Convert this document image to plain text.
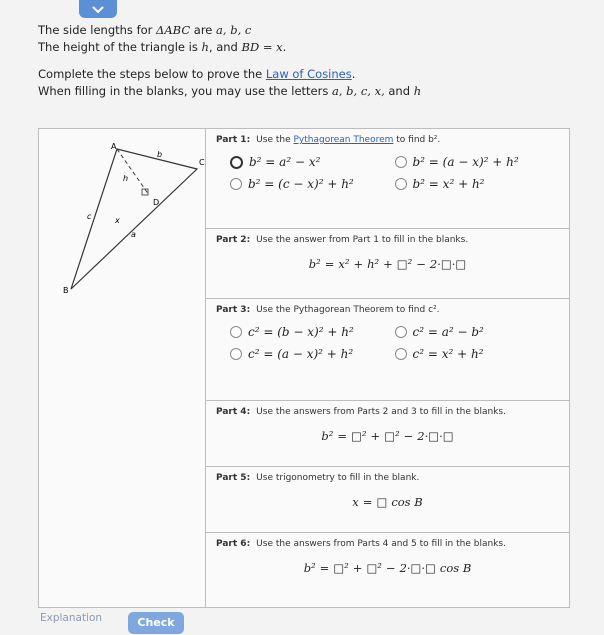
The side lengths for ΔABC are a, b, c

The height of the triangle is h, and BD = x.

Complete the steps below to prove the Law of Cosines.

When filling in the blanks, you may use the letters a, b, c, x, and h

A
B
C
D
b
c
a
h
x
Part 1: Use the Pythagorean Theorem to find b².
b² = a² − x²	b² = (a − x)² + h²
b² = (c − x)² + h²	b² = x² + h²
Part 2: Use the answer from Part 1 to fill in the blanks.
b² = x² + h² + □² − 2·□·□
Part 3: Use the Pythagorean Theorem to find c².
c² = (b − x)² + h²	c² = a² − b²
c² = (a − x)² + h²	c² = x² + h²
Part 4: Use the answers from Parts 2 and 3 to fill in the blanks.
b² = □² + □² − 2·□·□
Part 5: Use trigonometry to fill in the blank.
x = □ cos B
Part 6: Use the answers from Parts 4 and 5 to fill in the blanks.
b² = □² + □² − 2·□·□ cos B
Explanation	Check
